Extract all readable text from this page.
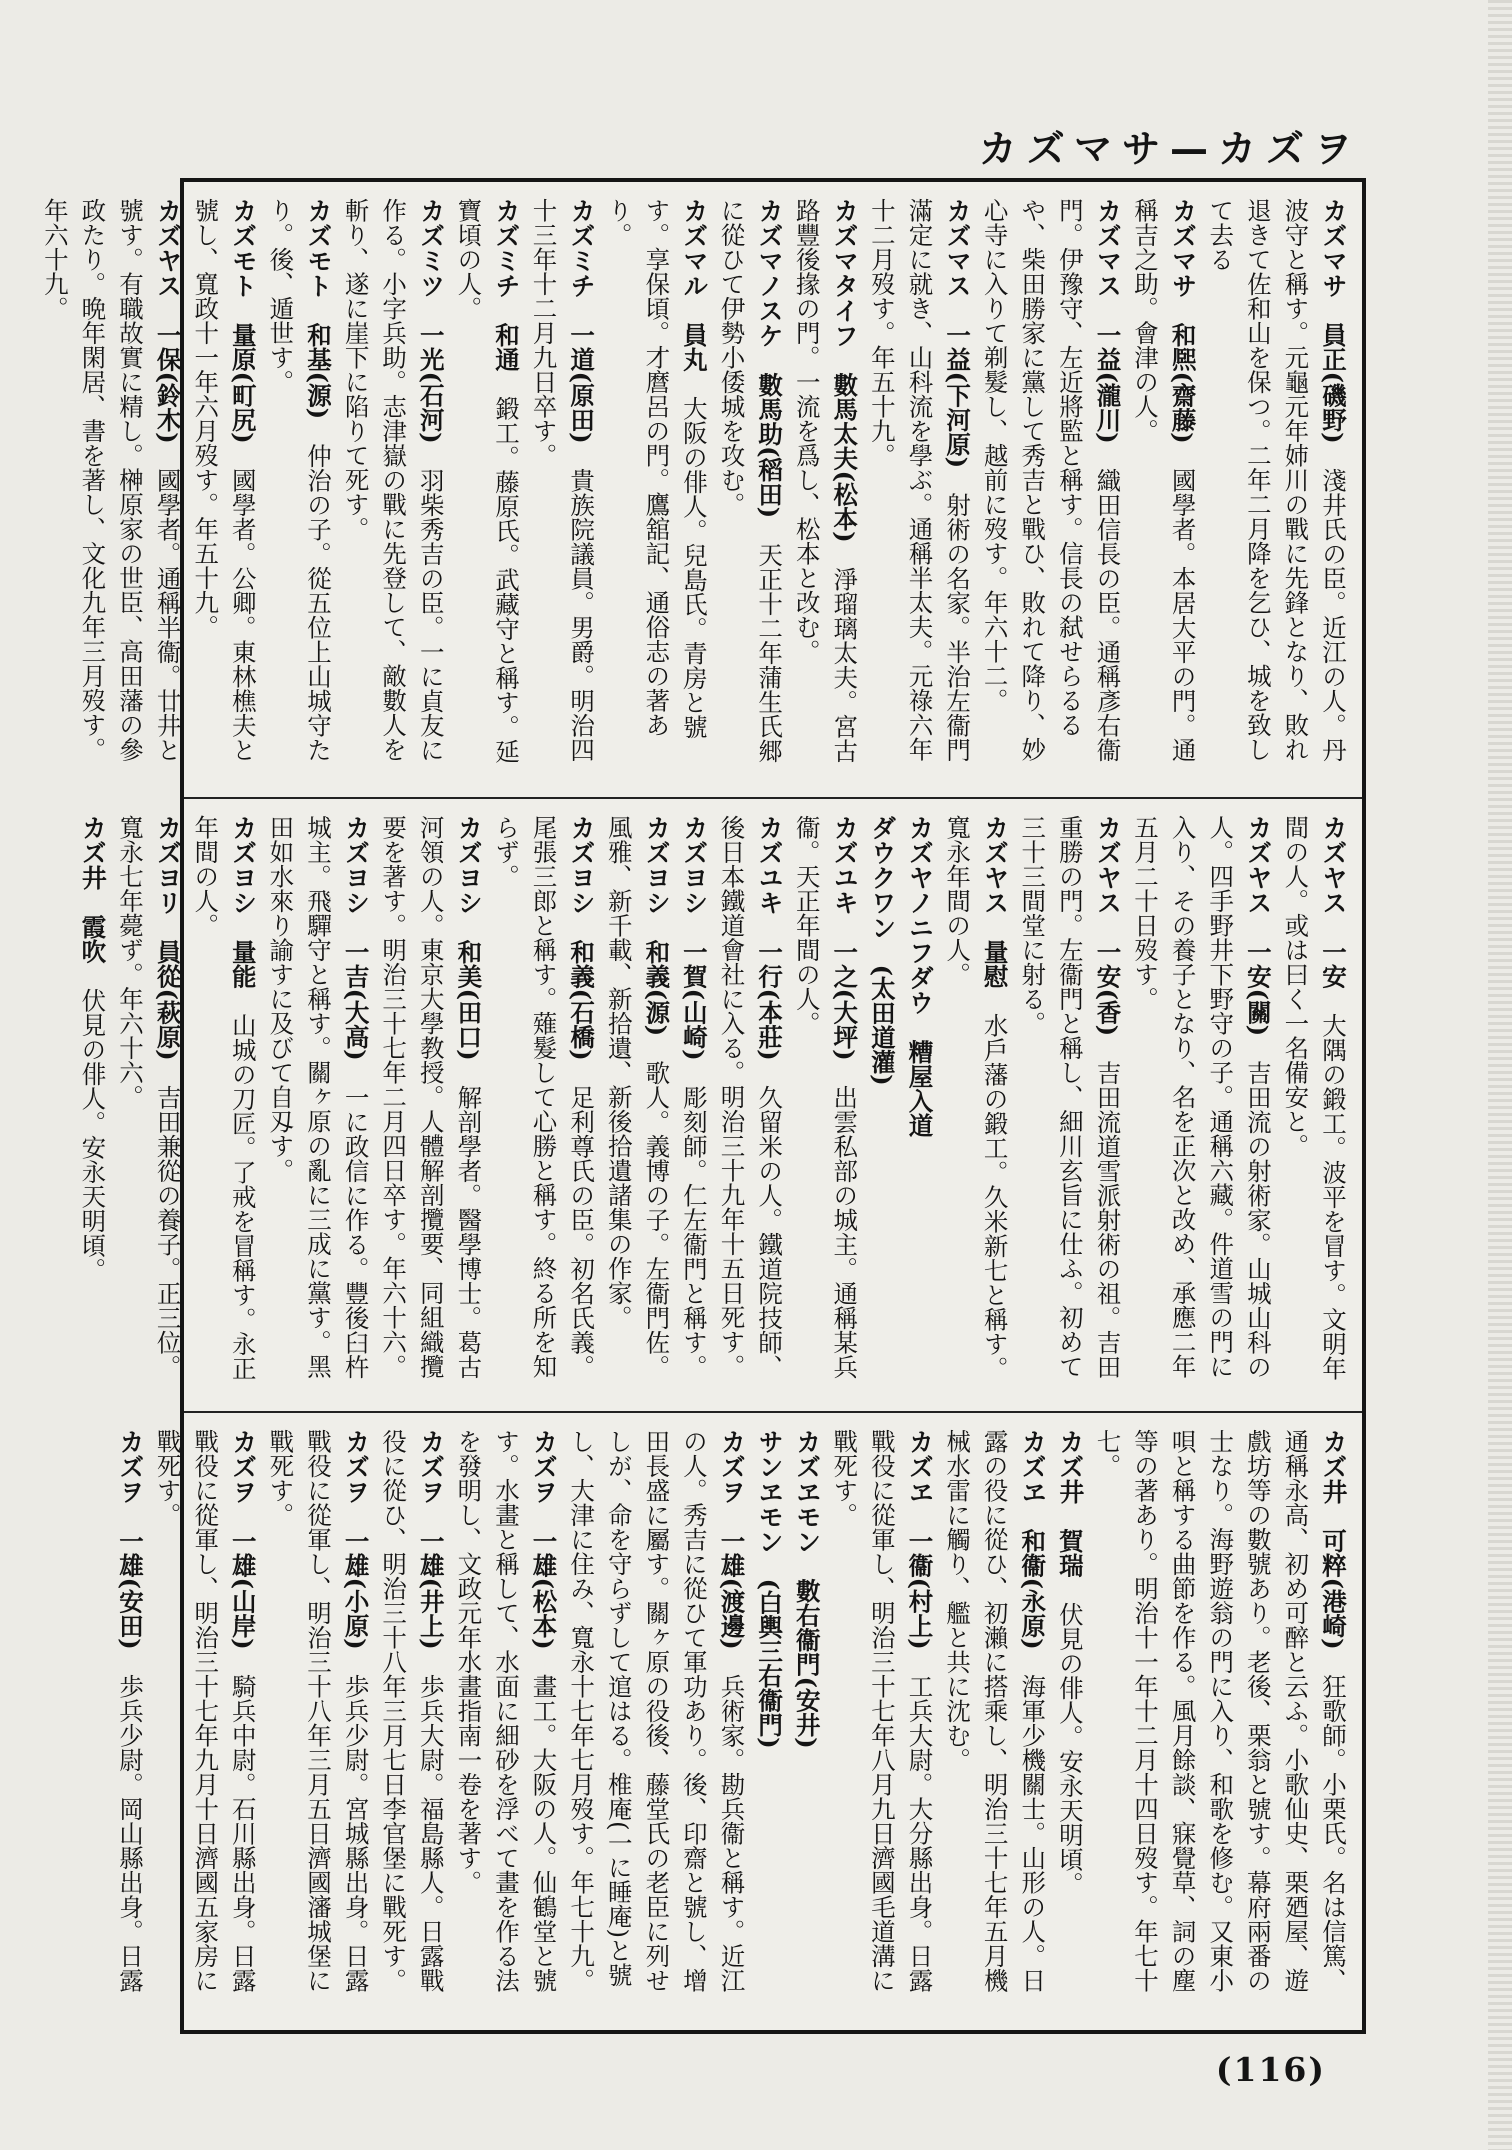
カズマサ—カズヲ
カズマサ　員正(磯野)　淺井氏の臣。近江の人。丹波守と稱す。元龜元年姉川の戰に先鋒となり、敗れ退きて佐和山を保つ。二年二月降を乞ひ、城を致して去る
カズマサ　和熈(齋藤)　國學者。本居大平の門。通稱吉之助。會津の人。
カズマス　一益(瀧川)　織田信長の臣。通稱彥右衞門。伊豫守、左近將監と稱す。信長の弑せらるるや、柴田勝家に黨して秀吉と戰ひ、敗れて降り、妙心寺に入りて剃髮し、越前に歿す。年六十二。
カズマス　一益(下河原)　射術の名家。半治左衞門滿定に就き、山科流を學ぶ。通稱半太夫。元祿六年十二月歿す。年五十九。
カズマタイフ　數馬太夫(松本)　淨瑠璃太夫。宮古路豐後掾の門。一流を爲し、松本と改む。
カズマノスケ　數馬助(稻田)　天正十二年蒲生氏郷に從ひて伊勢小倭城を攻む。
カズマル　員丸　大阪の俳人。兒島氏。青房と號す。享保頃。才麿呂の門。鷹舘記、通俗志の著あり。
カズミチ　一道(原田)　貴族院議員。男爵。明治四十三年十二月九日卒す。
カズミチ　和通　鍛工。藤原氏。武藏守と稱す。延寶頃の人。
カズミツ　一光(石河)　羽柴秀吉の臣。一に貞友に作る。小字兵助。志津嶽の戰に先登して、敵數人を斬り、遂に崖下に陷りて死す。
カズモト　和基(源)　仲治の子。從五位上山城守たり。後、遁世す。
カズモト　量原(町尻)　國學者。公卿。東林樵夫と號し、寬政十一年六月歿す。年五十九。
カズヤス　一保(鈴木)　國學者。通稱半衞。廿井と號す。有職故實に精し。榊原家の世臣、高田藩の參政たり。晩年閑居、書を著し、文化九年三月歿す。年六十九。
カズヤス　一安　大隅の鍛工。波平を冒す。文明年間の人。或は曰く一名備安と。
カズヤス　一安(關)　吉田流の射術家。山城山科の人。四手野井下野守の子。通稱六藏。件道雪の門に入り、その養子となり、名を正次と改め、承應二年五月二十日歿す。
カズヤス　一安(香)　吉田流道雪派射術の祖。吉田重勝の門。左衞門と稱し、細川玄旨に仕ふ。初めて三十三間堂に射る。
カズヤス　量慰　水戶藩の鍛工。久米新七と稱す。寬永年間の人。
カズヤノニフダウ　糟屋入道
ダウクワン　(太田道灌)
カズユキ　一之(大坪)　出雲私部の城主。通稱某兵衞。天正年間の人。
カズユキ　一行(本莊)　久留米の人。鐵道院技師、後日本鐵道會社に入る。明治三十九年十五日死す。
カズヨシ　一賀(山崎)　彫刻師。仁左衞門と稱す。
カズヨシ　和義(源)　歌人。義博の子。左衞門佐。風雅、新千載、新拾遺、新後拾遺諸集の作家。
カズヨシ　和義(石橋)　足利尊氏の臣。初名氏義。尾張三郎と稱す。薙髮して心勝と稱す。終る所を知らず。
カズヨシ　和美(田口)　解剖學者。醫學博士。葛古河領の人。東京大學教授。人體解剖攬要、同組織攬要を著す。明治三十七年二月四日卒す。年六十六。
カズヨシ　一吉(大高)　一に政信に作る。豐後臼杵城主。飛驒守と稱す。關ヶ原の亂に三成に黨す。黑田如水來り諭すに及びて自刄す。
カズヨシ　量能　山城の刀匠。了戒を冒稱す。永正年間の人。
カズヨリ　員從(萩原)　吉田兼從の養子。正三位。寬永七年薨ず。年六十六。
カズ井　霞吹　伏見の俳人。安永天明頃。
カズ井　可粹(港崎)　狂歌師。小栗氏。名は信篤、通稱永高、初め可醉と云ふ。小歌仙史、栗廼屋、遊戲坊等の數號あり。老後、栗翁と號す。幕府兩番の士なり。海野遊翁の門に入り、和歌を修む。又東小唄と稱する曲節を作る。風月餘談、寐覺草、詞の塵等の著あり。明治十一年十二月十四日歿す。年七十七。
カズ井　賀瑞　伏見の俳人。安永天明頃。
カズヱ　和衞(永原)　海軍少機關士。山形の人。日露の役に從ひ、初瀨に搭乘し、明治三十七年五月機械水雷に觸り、艦と共に沈む。
カズヱ　一衞(村上)　工兵大尉。大分縣出身。日露戰役に從軍し、明治三十七年八月九日濟國毛道溝に戰死す。
カズヱモン　數右衞門(安井)
サンヱモン　(白輿三右衞門)
カズヲ　一雄(渡邊)　兵術家。勘兵衞と稱す。近江の人。秀吉に從ひて軍功あり。後、印齋と號し、增田長盛に屬す。關ヶ原の役後、藤堂氏の老臣に列せしが、命を守らずして逭はる。椎庵(一に睡庵)と號し、大津に住み、寬永十七年七月歿す。年七十九。
カズヲ　一雄(松本)　畫工。大阪の人。仙鶴堂と號す。水畫と稱して、水面に細砂を浮べて畫を作る法を發明し、文政元年水畫指南一卷を著す。
カズヲ　一雄(井上)　歩兵大尉。福島縣人。日露戰役に從ひ、明治三十八年三月七日李官堡に戰死す。
カズヲ　一雄(小原)　歩兵少尉。宮城縣出身。日露戰役に從軍し、明治三十八年三月五日濟國瀋城堡に戰死す。
カズヲ　一雄(山岸)　騎兵中尉。石川縣出身。日露戰役に從軍し、明治三十七年九月十日濟國五家房に戰死す。
カズヲ　一雄(安田)　歩兵少尉。岡山縣出身。日露
(116)
